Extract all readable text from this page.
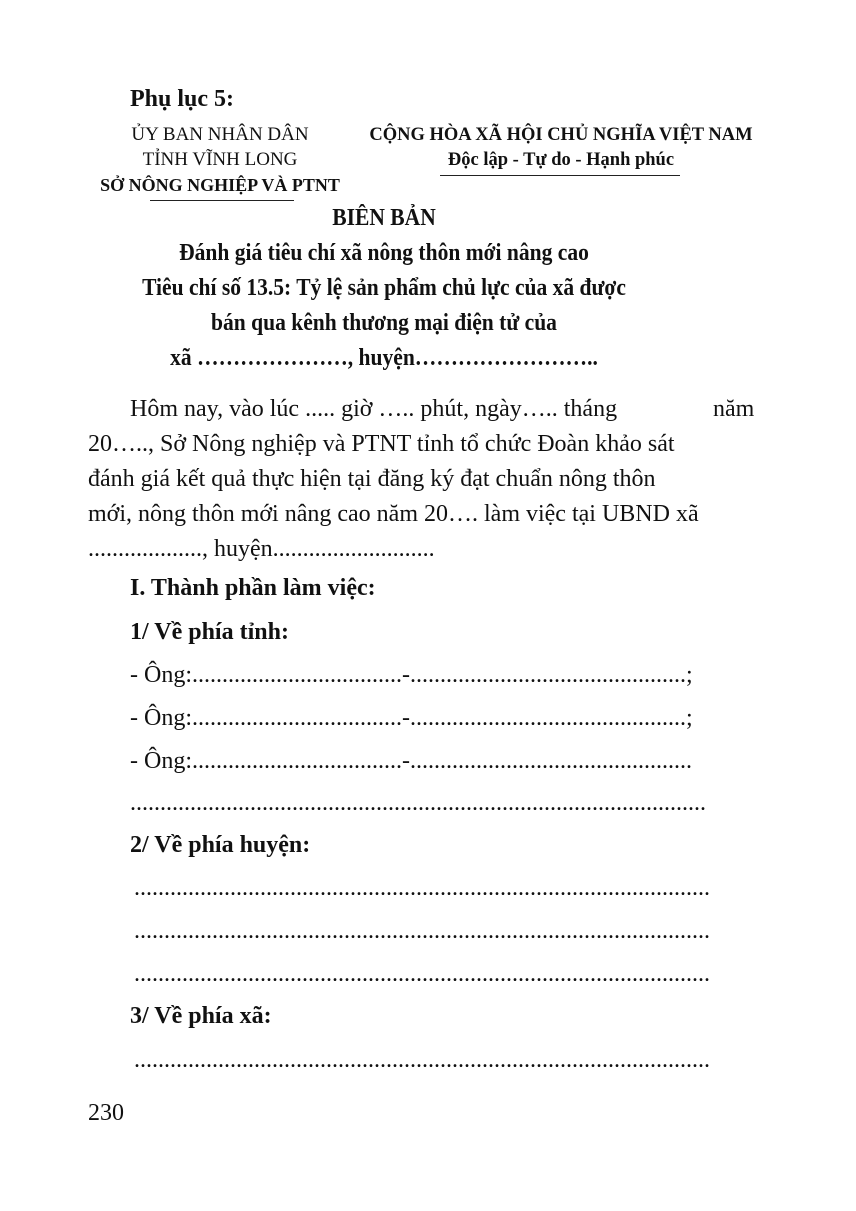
Phụ lục 5:
ỦY BAN NHÂN DÂN
TỈNH VĨNH LONG
SỞ NÔNG NGHIỆP VÀ PTNT
CỘNG HÒA XÃ HỘI CHỦ NGHĨA VIỆT NAM
Độc lập - Tự do - Hạnh phúc
BIÊN BẢN
Đánh giá tiêu chí xã nông thôn mới nâng cao
Tiêu chí số 13.5: Tỷ lệ sản phẩm chủ lực của xã được
bán qua kênh thương mại điện tử của
xã …………………, huyện……………………..
Hôm nay, vào lúc ..... giờ ….. phút, ngày….. tháng	năm
20….., Sở Nông nghiệp và PTNT tỉnh tổ chức Đoàn khảo sát
đánh giá kết quả thực hiện tại đăng ký đạt chuẩn nông thôn
mới, nông thôn mới nâng cao năm 20…. làm việc tại UBND xã
..................., huyện...........................
I. Thành phần làm việc:
1/ Về phía tỉnh:
- Ông:...................................-..............................................;
- Ông:...................................-..............................................;
- Ông:...................................-...............................................
................................................................................................
2/ Về phía huyện:
................................................................................................
................................................................................................
................................................................................................
3/ Về phía xã:
................................................................................................
230
